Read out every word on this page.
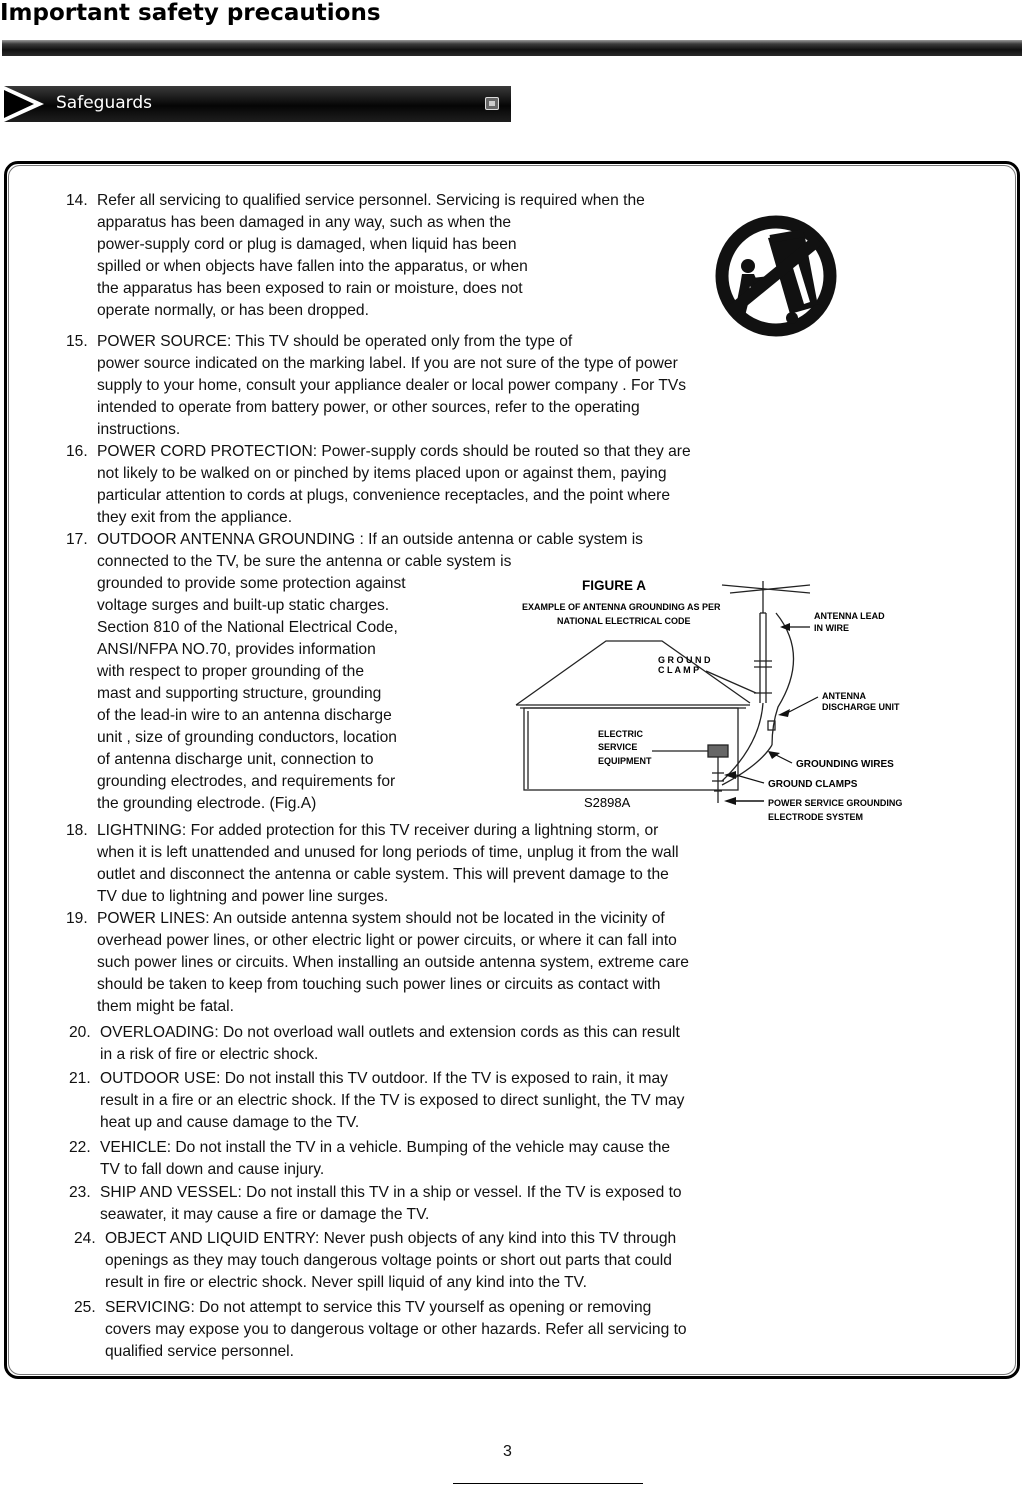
Important safety precautions
Safeguards
14. Refer all servicing to qualified service personnel. Servicing is required when the
apparatus has been damaged in any way, such as when the
power-supply cord or plug is damaged, when liquid has been
spilled or when objects have fallen into the apparatus, or when
the apparatus has been exposed to rain or moisture, does not
operate normally, or has been dropped.
15. POWER SOURCE: This TV should be operated only from the type of
power source indicated on the marking label. If you are not sure of the type of power
supply to your home, consult your appliance dealer or local power company . For TVs
intended to operate from battery power, or other sources, refer to the operating
instructions.
16. POWER CORD PROTECTION: Power-supply cords should be routed so that they are
not likely to be walked on or pinched by items placed upon or against them, paying
particular attention to cords at plugs, convenience receptacles, and the point where
they exit from the appliance.
17. OUTDOOR ANTENNA GROUNDING : If an outside antenna or cable system is
connected to the TV, be sure the antenna or cable system is
grounded to provide some protection against
voltage surges and built-up static charges.
Section 810 of the National Electrical Code,
ANSI/NFPA NO.70, provides information
with respect to proper grounding of the
mast and supporting structure, grounding
of the lead-in wire to an antenna discharge
unit , size of grounding conductors, location
of antenna discharge unit, connection to
grounding electrodes, and requirements for
the grounding electrode. (Fig.A)
18. LIGHTNING: For added protection for this TV receiver during a lightning storm, or
when it is left unattended and unused for long periods of time, unplug it from the wall
outlet and disconnect the antenna or cable system. This will prevent damage to the
TV due to lightning and power line surges.
19. POWER LINES: An outside antenna system should not be located in the vicinity of
overhead power lines, or other electric light or power circuits, or where it can fall into
such power lines or circuits. When installing an outside antenna system, extreme care
should be taken to keep from touching such power lines or circuits as contact with
them might be fatal.
20. OVERLOADING: Do not overload wall outlets and extension cords as this can result
in a risk of fire or electric shock.
21. OUTDOOR USE: Do not install this TV outdoor. If the TV is exposed to rain, it may
result in a fire or an electric shock. If the TV is exposed to direct sunlight, the TV may
heat up and cause damage to the TV.
22. VEHICLE: Do not install the TV in a vehicle. Bumping of the vehicle may cause the
TV to fall down and cause injury.
23. SHIP AND VESSEL: Do not install this TV in a ship or vessel. If the TV is exposed to
seawater, it may cause a fire or damage the TV.
24. OBJECT AND LIQUID ENTRY: Never push objects of any kind into this TV through
openings as they may touch dangerous voltage points or short out parts that could
result in fire or electric shock. Never spill liquid of any kind into the TV.
25. SERVICING: Do not attempt to service this TV yourself as opening or removing
covers may expose you to dangerous voltage or other hazards. Refer all servicing to
qualified service personnel.
FIGURE A
EXAMPLE OF ANTENNA GROUNDING AS PER
NATIONAL ELECTRICAL CODE	ANTENNA LEAD
IN WIRE
G R O U N D
C L A M P
ANTENNA
DISCHARGE UNIT
ELECTRIC
SERVICE
EQUIPMENT	GROUNDING WIRES
GROUND CLAMPS
POWER SERVICE GROUNDING
ELECTRODE SYSTEM
S2898A
3
